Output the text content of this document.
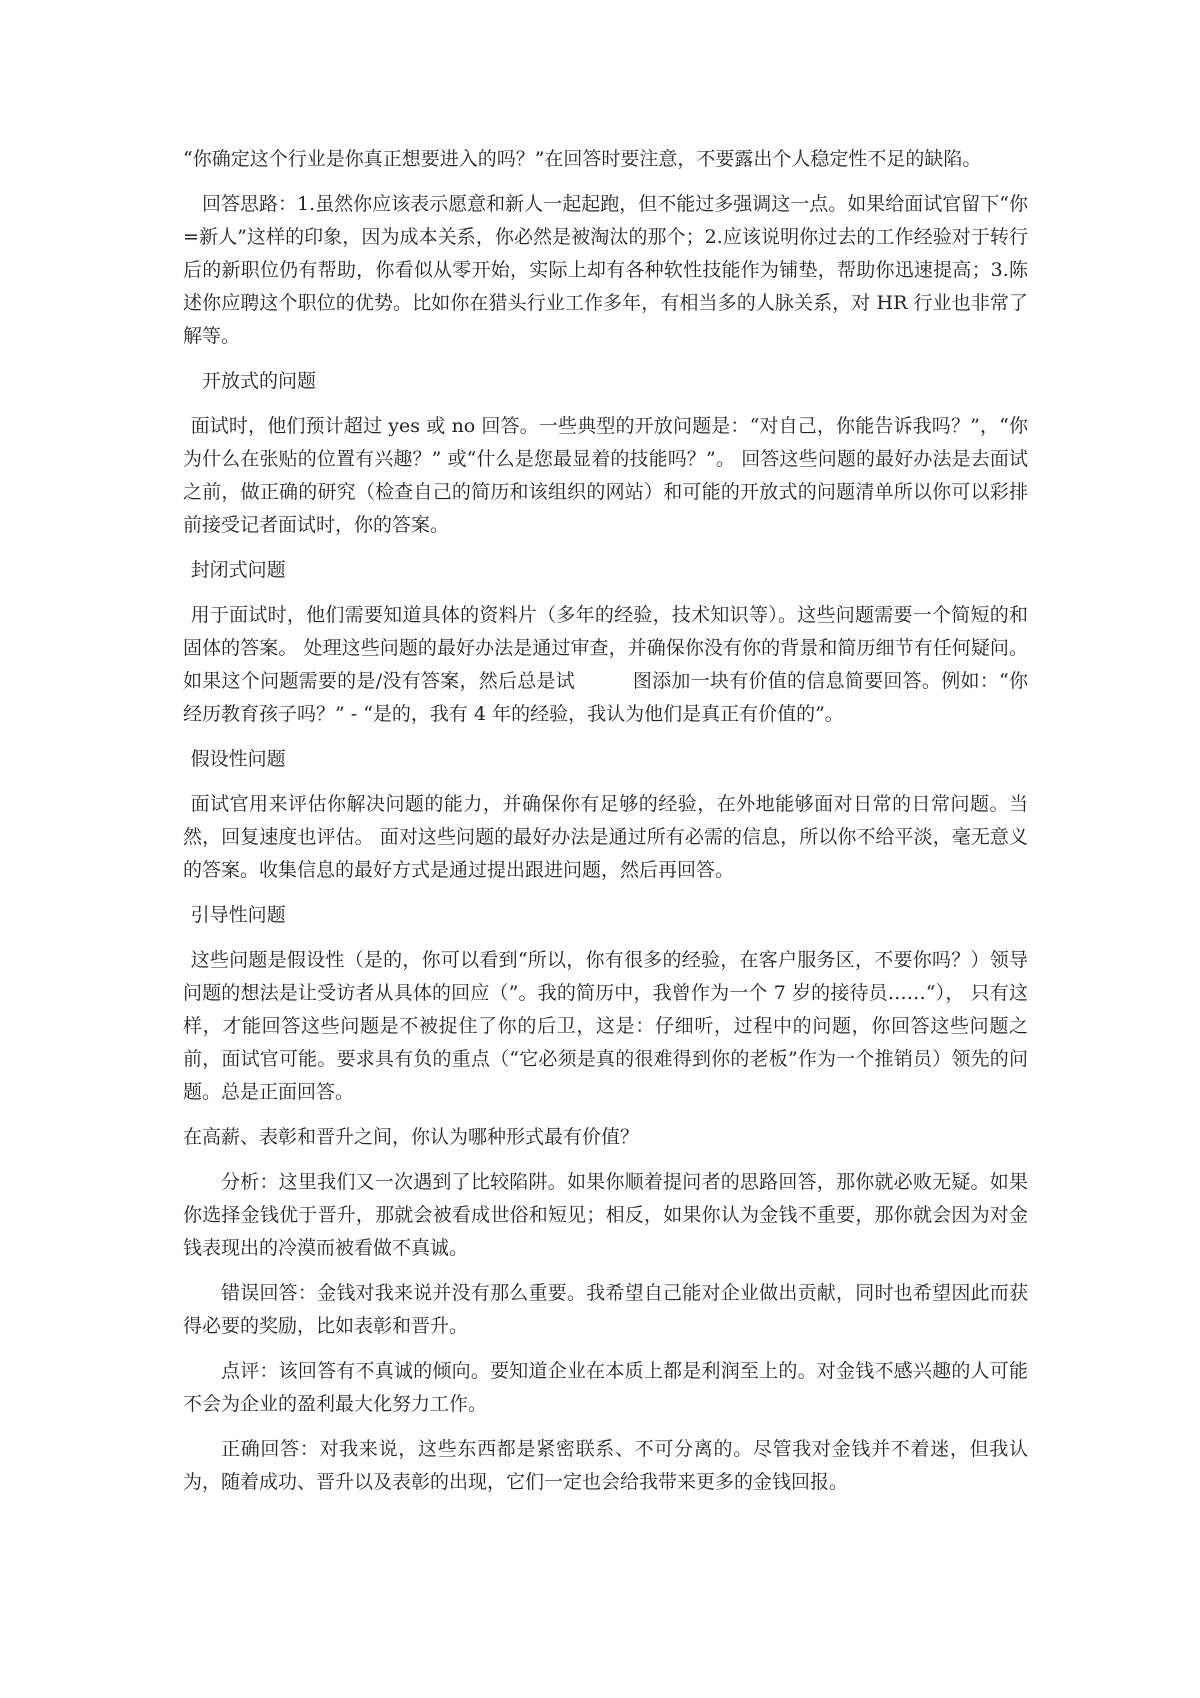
“你确定这个行业是你真正想要进入的吗？”在回答时要注意，不要露出个人稳定性不足的缺陷。

回答思路：1.虽然你应该表示愿意和新人一起起跑，但不能过多强调这一点。如果给面试官留下“你=新人”这样的印象，因为成本关系，你必然是被淘汰的那个；2.应该说明你过去的工作经验对于转行后的新职位仍有帮助，你看似从零开始，实际上却有各种软性技能作为铺垫，帮助你迅速提高；3.陈述你应聘这个职位的优势。比如你在猎头行业工作多年，有相当多的人脉关系，对 HR 行业也非常了解等。

开放式的问题

面试时，他们预计超过 yes 或 no 回答。一些典型的开放问题是：“对自己，你能告诉我吗？”，“你为什么在张贴的位置有兴趣？” 或“什么是您最显着的技能吗？”。 回答这些问题的最好办法是去面试之前，做正确的研究（检查自己的简历和该组织的网站）和可能的开放式的问题清单所以你可以彩排前接受记者面试时，你的答案。

封闭式问题

用于面试时，他们需要知道具体的资料片（多年的经验，技术知识等）。这些问题需要一个简短的和固体的答案。 处理这些问题的最好办法是通过审查，并确保你没有你的背景和简历细节有任何疑问。如果这个问题需要的是/没有答案，然后总是试　　　图添加一块有价值的信息简要回答。例如：“你经历教育孩子吗？” - “是的，我有 4 年的经验，我认为他们是真正有价值的”。

假设性问题

面试官用来评估你解决问题的能力，并确保你有足够的经验，在外地能够面对日常的日常问题。当然，回复速度也评估。 面对这些问题的最好办法是通过所有必需的信息，所以你不给平淡，毫无意义的答案。收集信息的最好方式是通过提出跟进问题，然后再回答。

引导性问题

这些问题是假设性（是的，你可以看到“所以，你有很多的经验，在客户服务区，不要你吗？）领导问题的想法是让受访者从具体的回应（”。我的简历中，我曾作为一个 7 岁的接待员……“）， 只有这样，才能回答这些问题是不被捉住了你的后卫，这是：仔细听，过程中的问题，你回答这些问题之前，面试官可能。要求具有负的重点（“它必须是真的很难得到你的老板”作为一个推销员）领先的问题。总是正面回答。

在高薪、表彰和晋升之间，你认为哪种形式最有价值？

分析：这里我们又一次遇到了比较陷阱。如果你顺着提问者的思路回答，那你就必败无疑。如果你选择金钱优于晋升，那就会被看成世俗和短见；相反，如果你认为金钱不重要，那你就会因为对金钱表现出的冷漠而被看做不真诚。

错误回答：金钱对我来说并没有那么重要。我希望自己能对企业做出贡献，同时也希望因此而获得必要的奖励，比如表彰和晋升。

点评：该回答有不真诚的倾向。要知道企业在本质上都是利润至上的。对金钱不感兴趣的人可能不会为企业的盈利最大化努力工作。

正确回答：对我来说，这些东西都是紧密联系、不可分离的。尽管我对金钱并不着迷，但我认为，随着成功、晋升以及表彰的出现，它们一定也会给我带来更多的金钱回报。
